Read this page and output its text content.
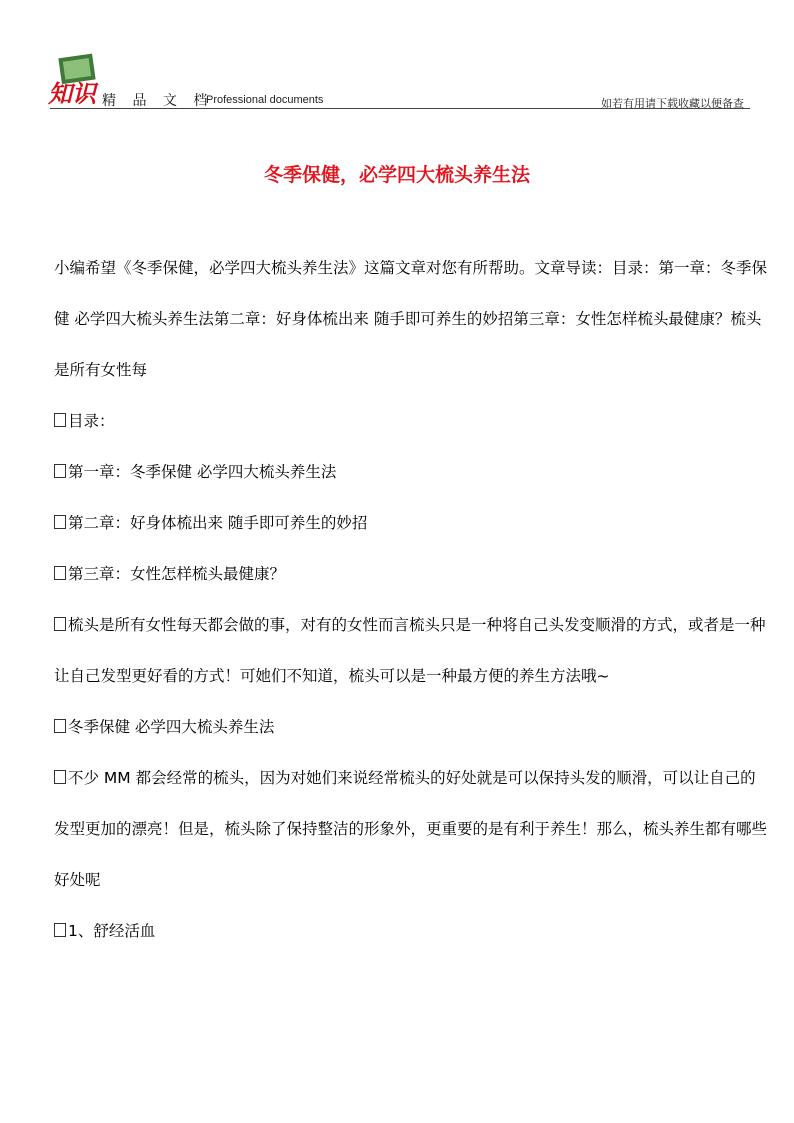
知识 精 品 文 档
Professional documents	如若有用请下载收藏以便备查
冬季保健，必学四大梳头养生法

小编希望《冬季保健，必学四大梳头养生法》这篇文章对您有所帮助。文章导读：目录：第一章：冬季保健 必学四大梳头养生法第二章：好身体梳出来 随手即可养生的妙招第三章：女性怎样梳头最健康？梳头是所有女性每

目录：

第一章：冬季保健 必学四大梳头养生法

第二章：好身体梳出来 随手即可养生的妙招

第三章：女性怎样梳头最健康？

梳头是所有女性每天都会做的事，对有的女性而言梳头只是一种将自己头发变顺滑的方式，或者是一种让自己发型更好看的方式！可她们不知道，梳头可以是一种最方便的养生方法哦~

冬季保健 必学四大梳头养生法

不少 MM 都会经常的梳头，因为对她们来说经常梳头的好处就是可以保持头发的顺滑，可以让自己的发型更加的漂亮！但是，梳头除了保持整洁的形象外，更重要的是有利于养生！那么，梳头养生都有哪些好处呢

1、舒经活血
